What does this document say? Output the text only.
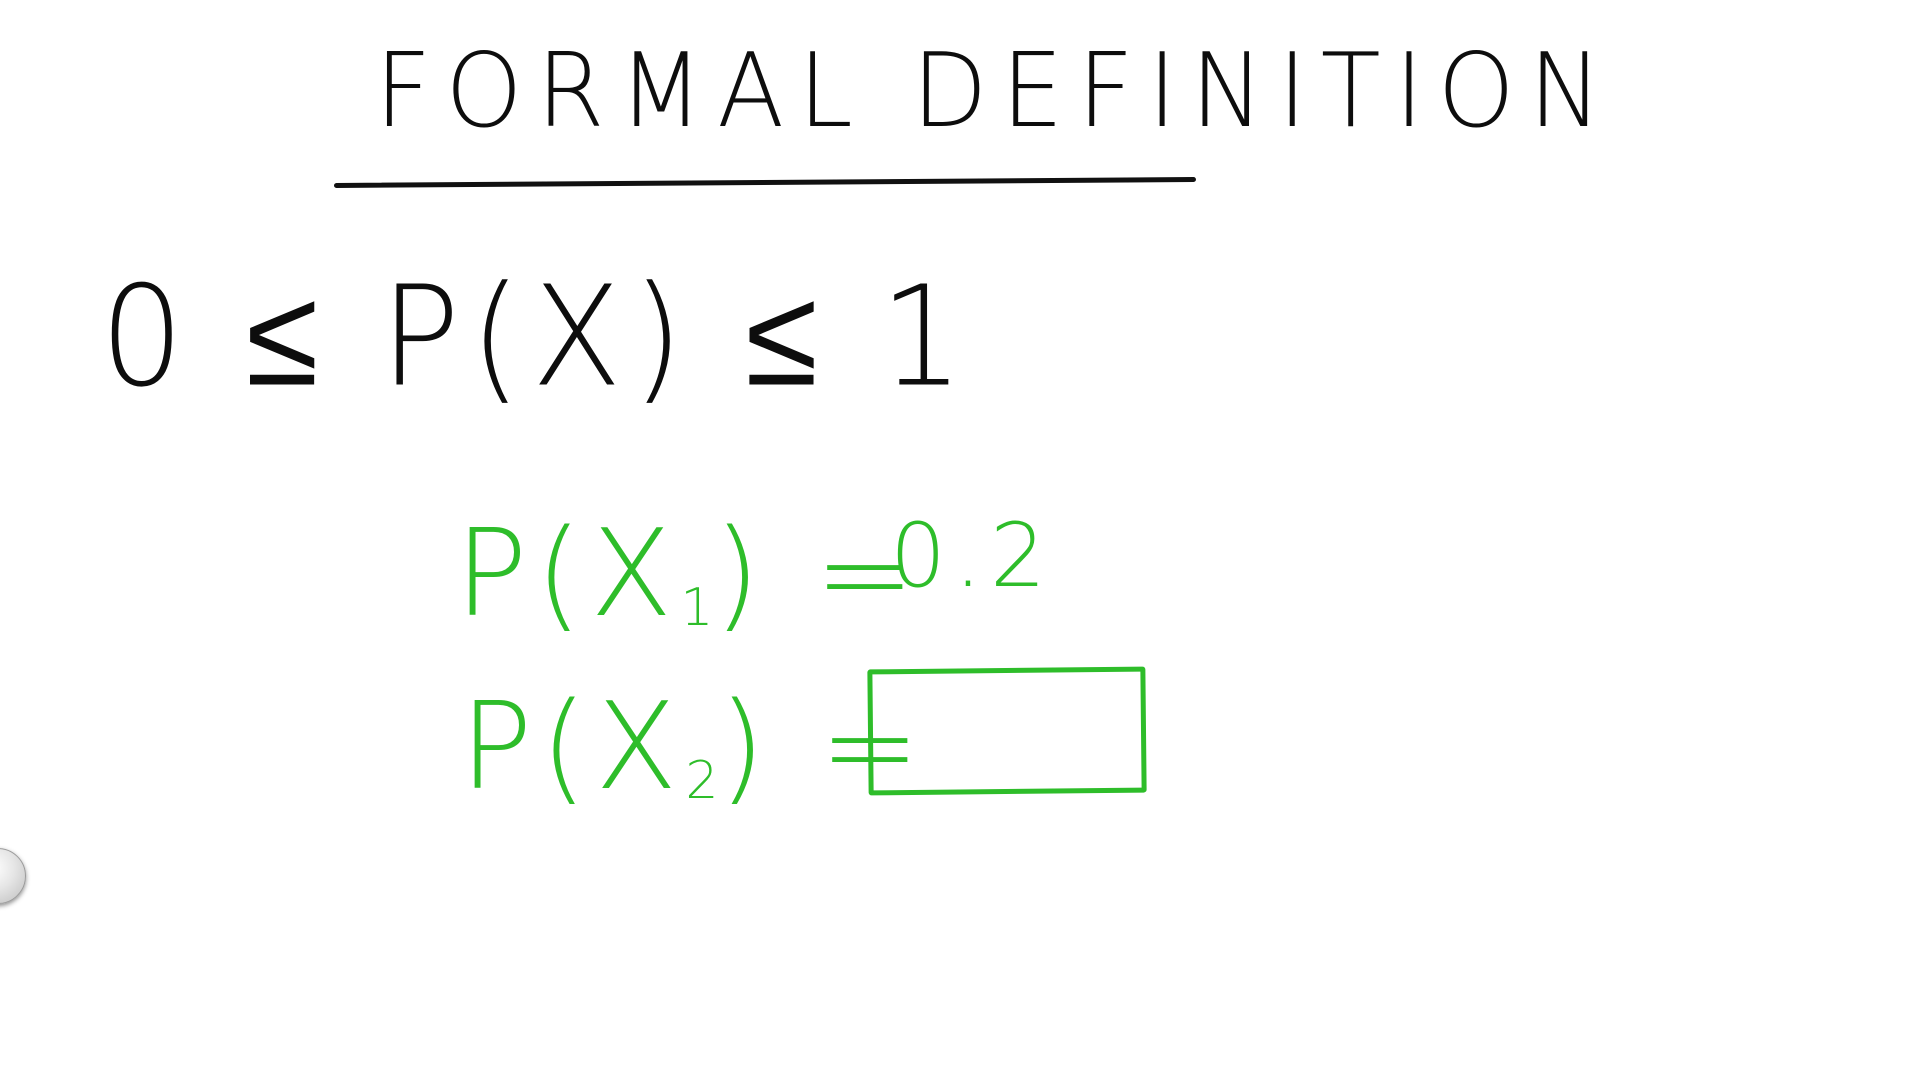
FORMAL DEFINITION
0 ≤ P(X) ≤ 1
$P(X_1)$ =
0.2
$P(X_2)$ =
